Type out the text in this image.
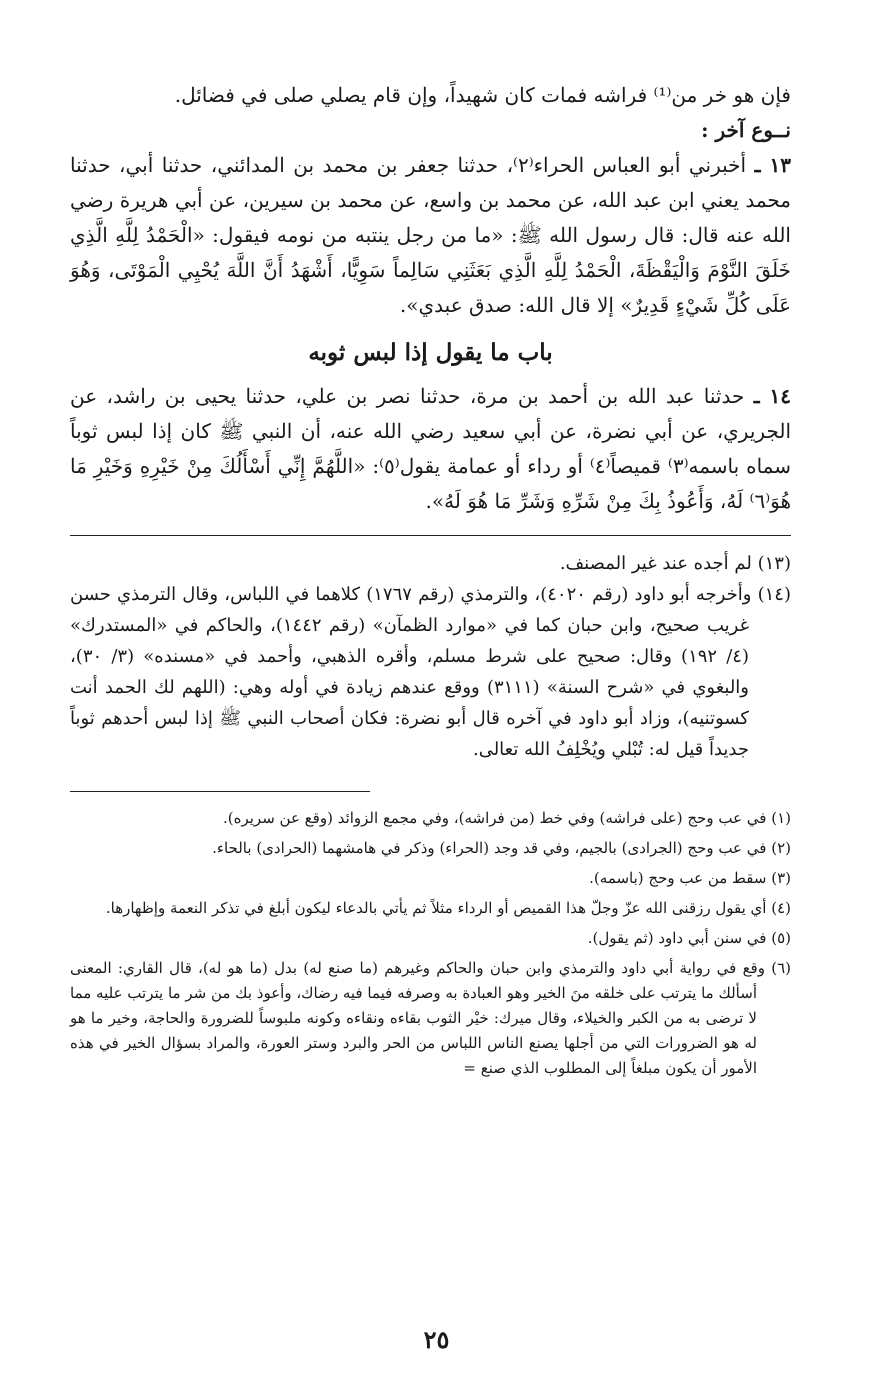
فإن هو خر من⁽¹⁾ فراشه فمات كان شهيداً، وإن قام يصلي صلى في فضائل.

نــوع آخر :

١٣ ـ أخبرني أبو العباس الحراء⁽٢⁾، حدثنا جعفر بن محمد بن المدائني، حدثنا أبي، حدثنا محمد يعني ابن عبد الله، عن محمد بن واسع، عن محمد بن سيرين، عن أبي هريرة رضي الله عنه قال: قال رسول الله ﷺ: «ما من رجل ينتبه من نومه فيقول: «الْحَمْدُ لِلَّهِ الَّذِي خَلَقَ النَّوْمَ وَالْيَقْظَةَ، الْحَمْدُ لِلَّهِ الَّذِي بَعَثَنِي سَالِماً سَوِيًّا، أَشْهَدُ أَنَّ اللَّهَ يُحْيِي الْمَوْتَى، وَهُوَ عَلَى كُلِّ شَيْءٍ قَدِيرٌ» إلا قال الله: صدق عبدي».

باب ما يقول إذا لبس ثوبه

١٤ ـ حدثنا عبد الله بن أحمد بن مرة، حدثنا نصر بن علي، حدثنا يحيى بن راشد، عن الجريري، عن أبي نضرة، عن أبي سعيد رضي الله عنه، أن النبي ﷺ كان إذا لبس ثوباً سماه باسمه⁽٣⁾ قميصاً⁽٤⁾ أو رداء أو عمامة يقول⁽٥⁾: «اللَّهُمَّ إِنِّي أَسْأَلُكَ مِنْ خَيْرِهِ وَخَيْرِ مَا هُوَ⁽٦⁾ لَهُ، وَأَعُوذُ بِكَ مِنْ شَرِّهِ وَشَرِّ مَا هُوَ لَهُ».

(١٣) لم أجده عند غير المصنف.

(١٤) وأخرجه أبو داود (رقم ٤٠٢٠)، والترمذي (رقم ١٧٦٧) كلاهما في اللباس، وقال الترمذي حسن غريب صحيح، وابن حبان كما في «موارد الظمآن» (رقم ١٤٤٢)، والحاكم في «المستدرك» (٤/ ١٩٢) وقال: صحيح على شرط مسلم، وأقره الذهبي، وأحمد في «مسنده» (٣/ ٣٠)، والبغوي في «شرح السنة» (٣١١١) ووقع عندهم زيادة في أوله وهي: (اللهم لك الحمد أنت كسوتنيه)، وزاد أبو داود في آخره قال أبو نضرة: فكان أصحاب النبي ﷺ إذا لبس أحدهم ثوباً جديداً قيل له: تُبْلي ويُخْلِفُ الله تعالى.

(١) في عب وحج (على فراشه) وفي خط (من فراشه)، وفي مجمع الزوائد (وقع عن سريره).

(٢) في عب وحج (الجرادى) بالجيم، وفي قد وجد (الحراء) وذكر في هامشهما (الحرادى) بالحاء.

(٣) سقط من عب وحج (باسمه).

(٤) أي يقول رزقنى الله عزّ وجلّ هذا القميص أو الرداء مثلاً ثم يأتي بالدعاء ليكون أبلغ في تذكر النعمة وإظهارها.

(٥) في سنن أبي داود (ثم يقول).

(٦) وقع في رواية أبي داود والترمذي وابن حبان والحاكم وغيرهم (ما صنع له) بدل (ما هو له)، قال القاري: المعنى أسألك ما يترتب على خلقه منَ الخير وهو العبادة به وصرفه فيما فيه رضاك، وأعوذ بك من شر ما يترتب عليه مما لا ترضى به من الكبر والخيلاء، وقال ميرك: خيْر الثوب بقاءه ونقاءه وكونه ملبوساً للضرورة والحاجة، وخير ما هو له هو الضرورات التي من أجلها يصنع الناس اللباس من الحر والبرد وستر العورة، والمراد بسؤال الخير في هذه الأمور أن يكون مبلغاً إلى المطلوب الذي صنع =

٢٥
